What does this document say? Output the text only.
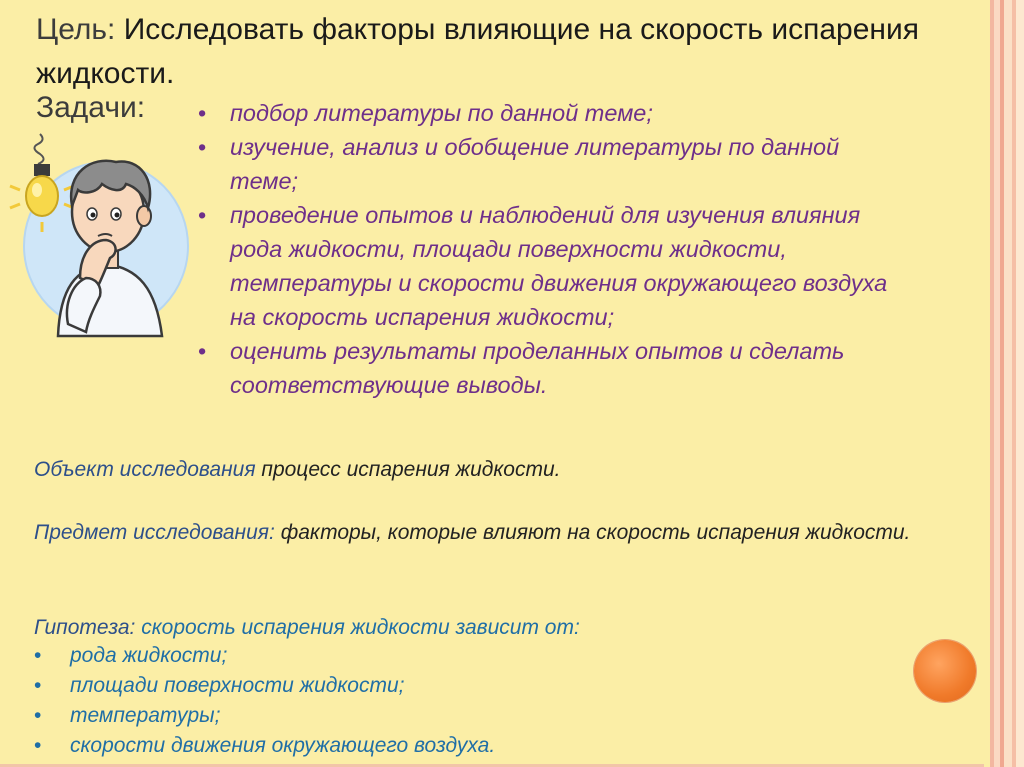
Цель: Исследовать факторы влияющие на скорость испарения жидкости.
Задачи:
•	подбор литературы по данной теме;
• изучение, анализ и обобщение литературы по данной теме;
• проведение опытов и наблюдений для изучения влияния рода жидкости, площади поверхности жидкости, температуры и скорости движения окружающего воздуха на скорость испарения жидкости;
• оценить результаты проделанных опытов и сделать соответствующие выводы.
Объект исследования процесс испарения жидкости.
Предмет исследования: факторы, которые влияют на скорость испарения жидкости.
Гипотеза: скорость испарения жидкости зависит от:
• рода жидкости;
• площади поверхности жидкости;
• температуры;
• скорости движения окружающего воздуха.
